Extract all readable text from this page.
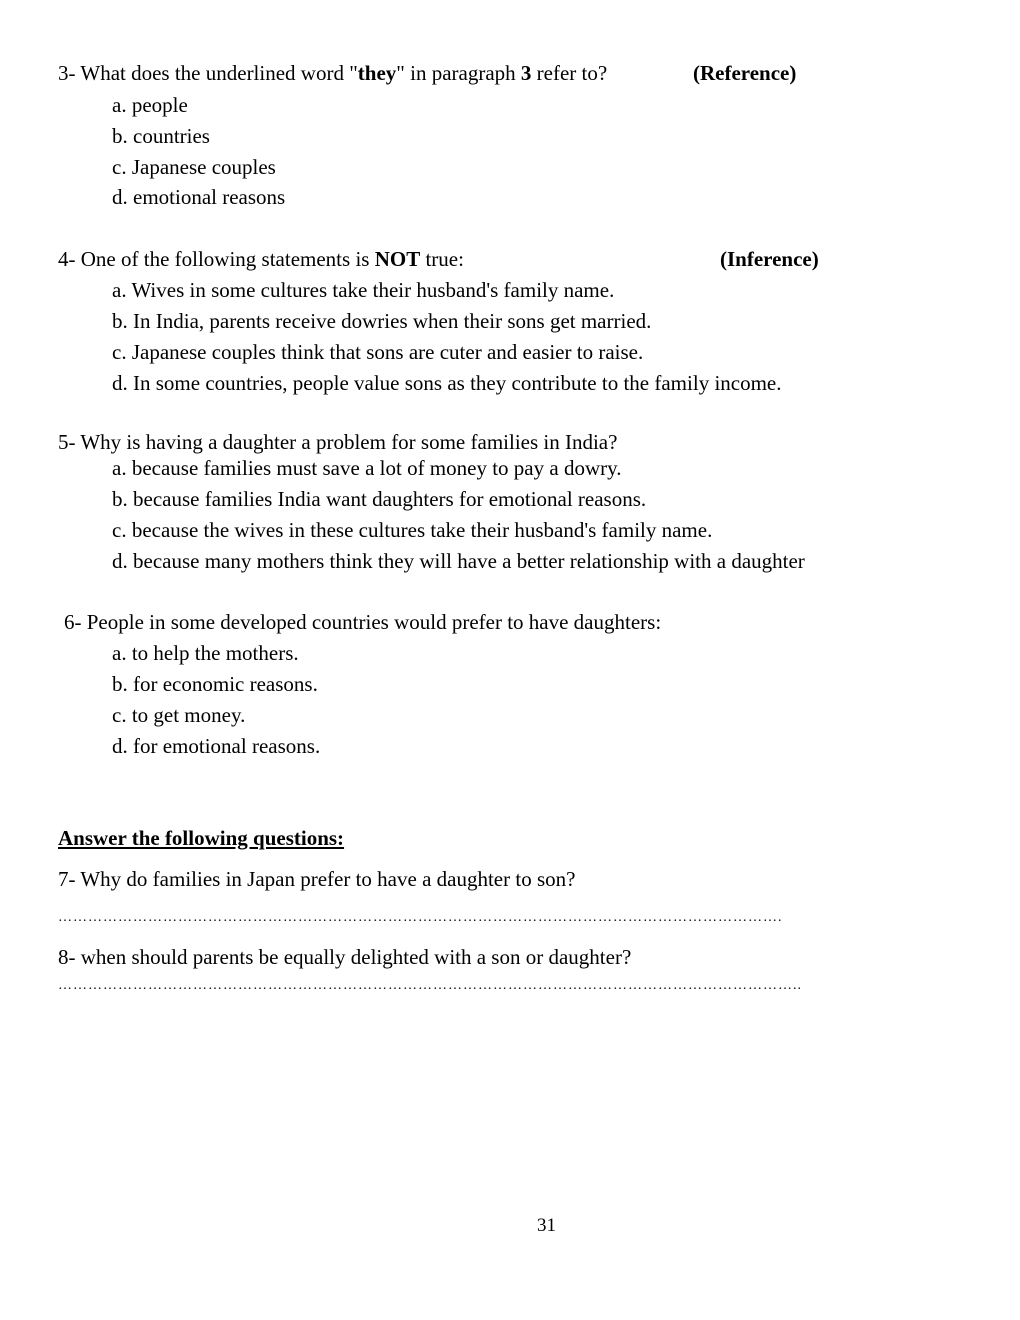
3- What does the underlined word "they" in paragraph 3 refer to?	(Reference)
a. people
b. countries
c. Japanese couples
d. emotional reasons
4- One of the following statements is NOT true:	(Inference)
a. Wives in some cultures take their husband's family name.
b. In India, parents receive dowries when their sons get married.
c. Japanese couples think that sons are cuter and easier to raise.
d. In some countries, people value sons as they contribute to the family income.
5- Why is having a daughter a problem for some families in India?
a. because families must save a lot of money to pay a dowry.
b. because families India want daughters for emotional reasons.
c. because the wives in these cultures take their husband's family name.
d. because many mothers think they will have a better relationship with a daughter
6- People in some developed countries would prefer to have daughters:
a. to help the mothers.
b. for economic reasons.
c. to get money.
d. for emotional reasons.
Answer the following questions:
7- Why do families in Japan prefer to have a daughter to son?
……………………………………………………………………………………………………………………………….
8- when should parents be equally delighted with a son or daughter?
…………………………………………………………………………………………………………………………………..
31
